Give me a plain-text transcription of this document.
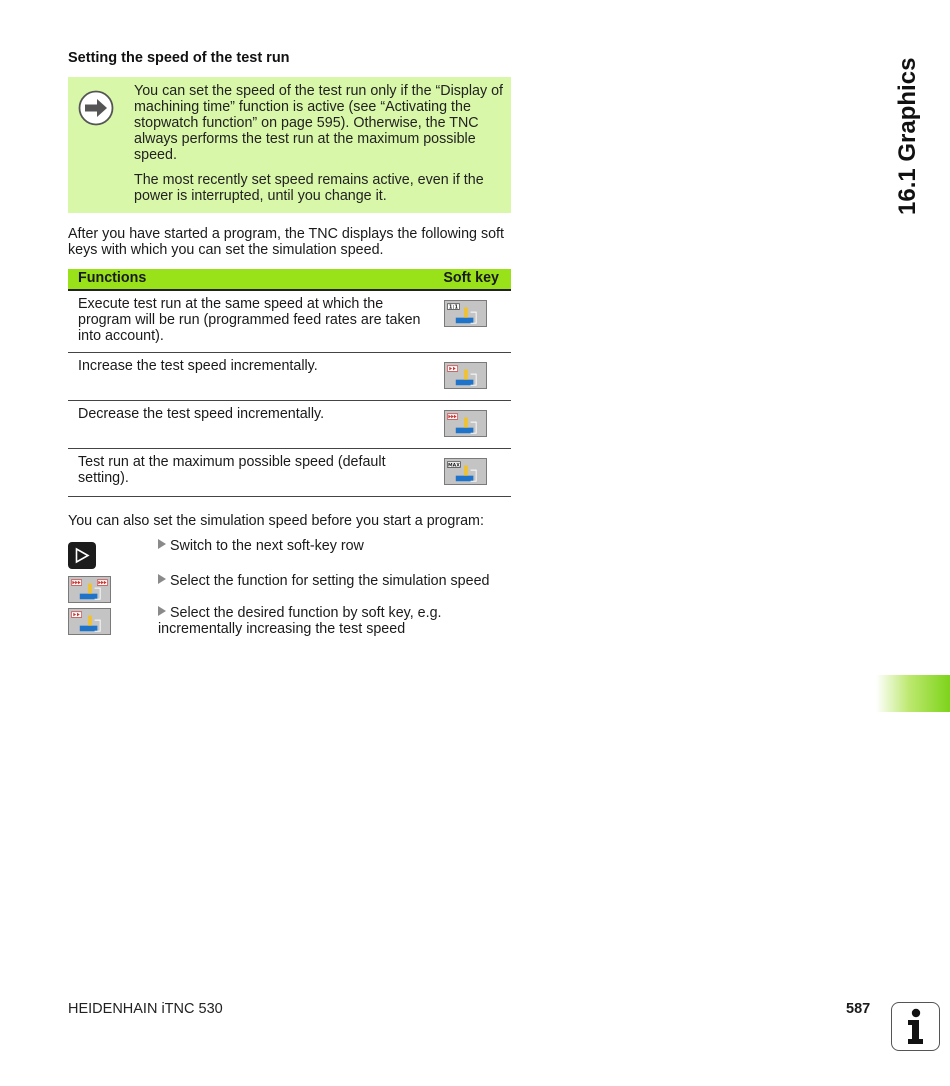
Setting the speed of the test run

You can set the speed of the test run only if the “Display of machining time” function is active (see “Activating the stopwatch function” on page 595). Otherwise, the TNC always performs the test run at the maximum possible speed.

The most recently set speed remains active, even if the power is interrupted, until you change it.

After you have started a program, the TNC displays the following soft keys with which you can set the simulation speed.
Functions	Soft key
Execute test run at the same speed at which the program will be run (programmed feed rates are taken into account).
1:1
Increase the test speed incrementally.
Decrease the test speed incrementally.
Test run at the maximum possible speed (default setting).
MAX
You can also set the simulation speed before you start a program:
Switch to the next soft-key row
Select the function for setting the simulation speed
Select the desired function by soft key, e.g. incrementally increasing the test speed
16.1 Graphics
HEIDENHAIN iTNC 530	587
